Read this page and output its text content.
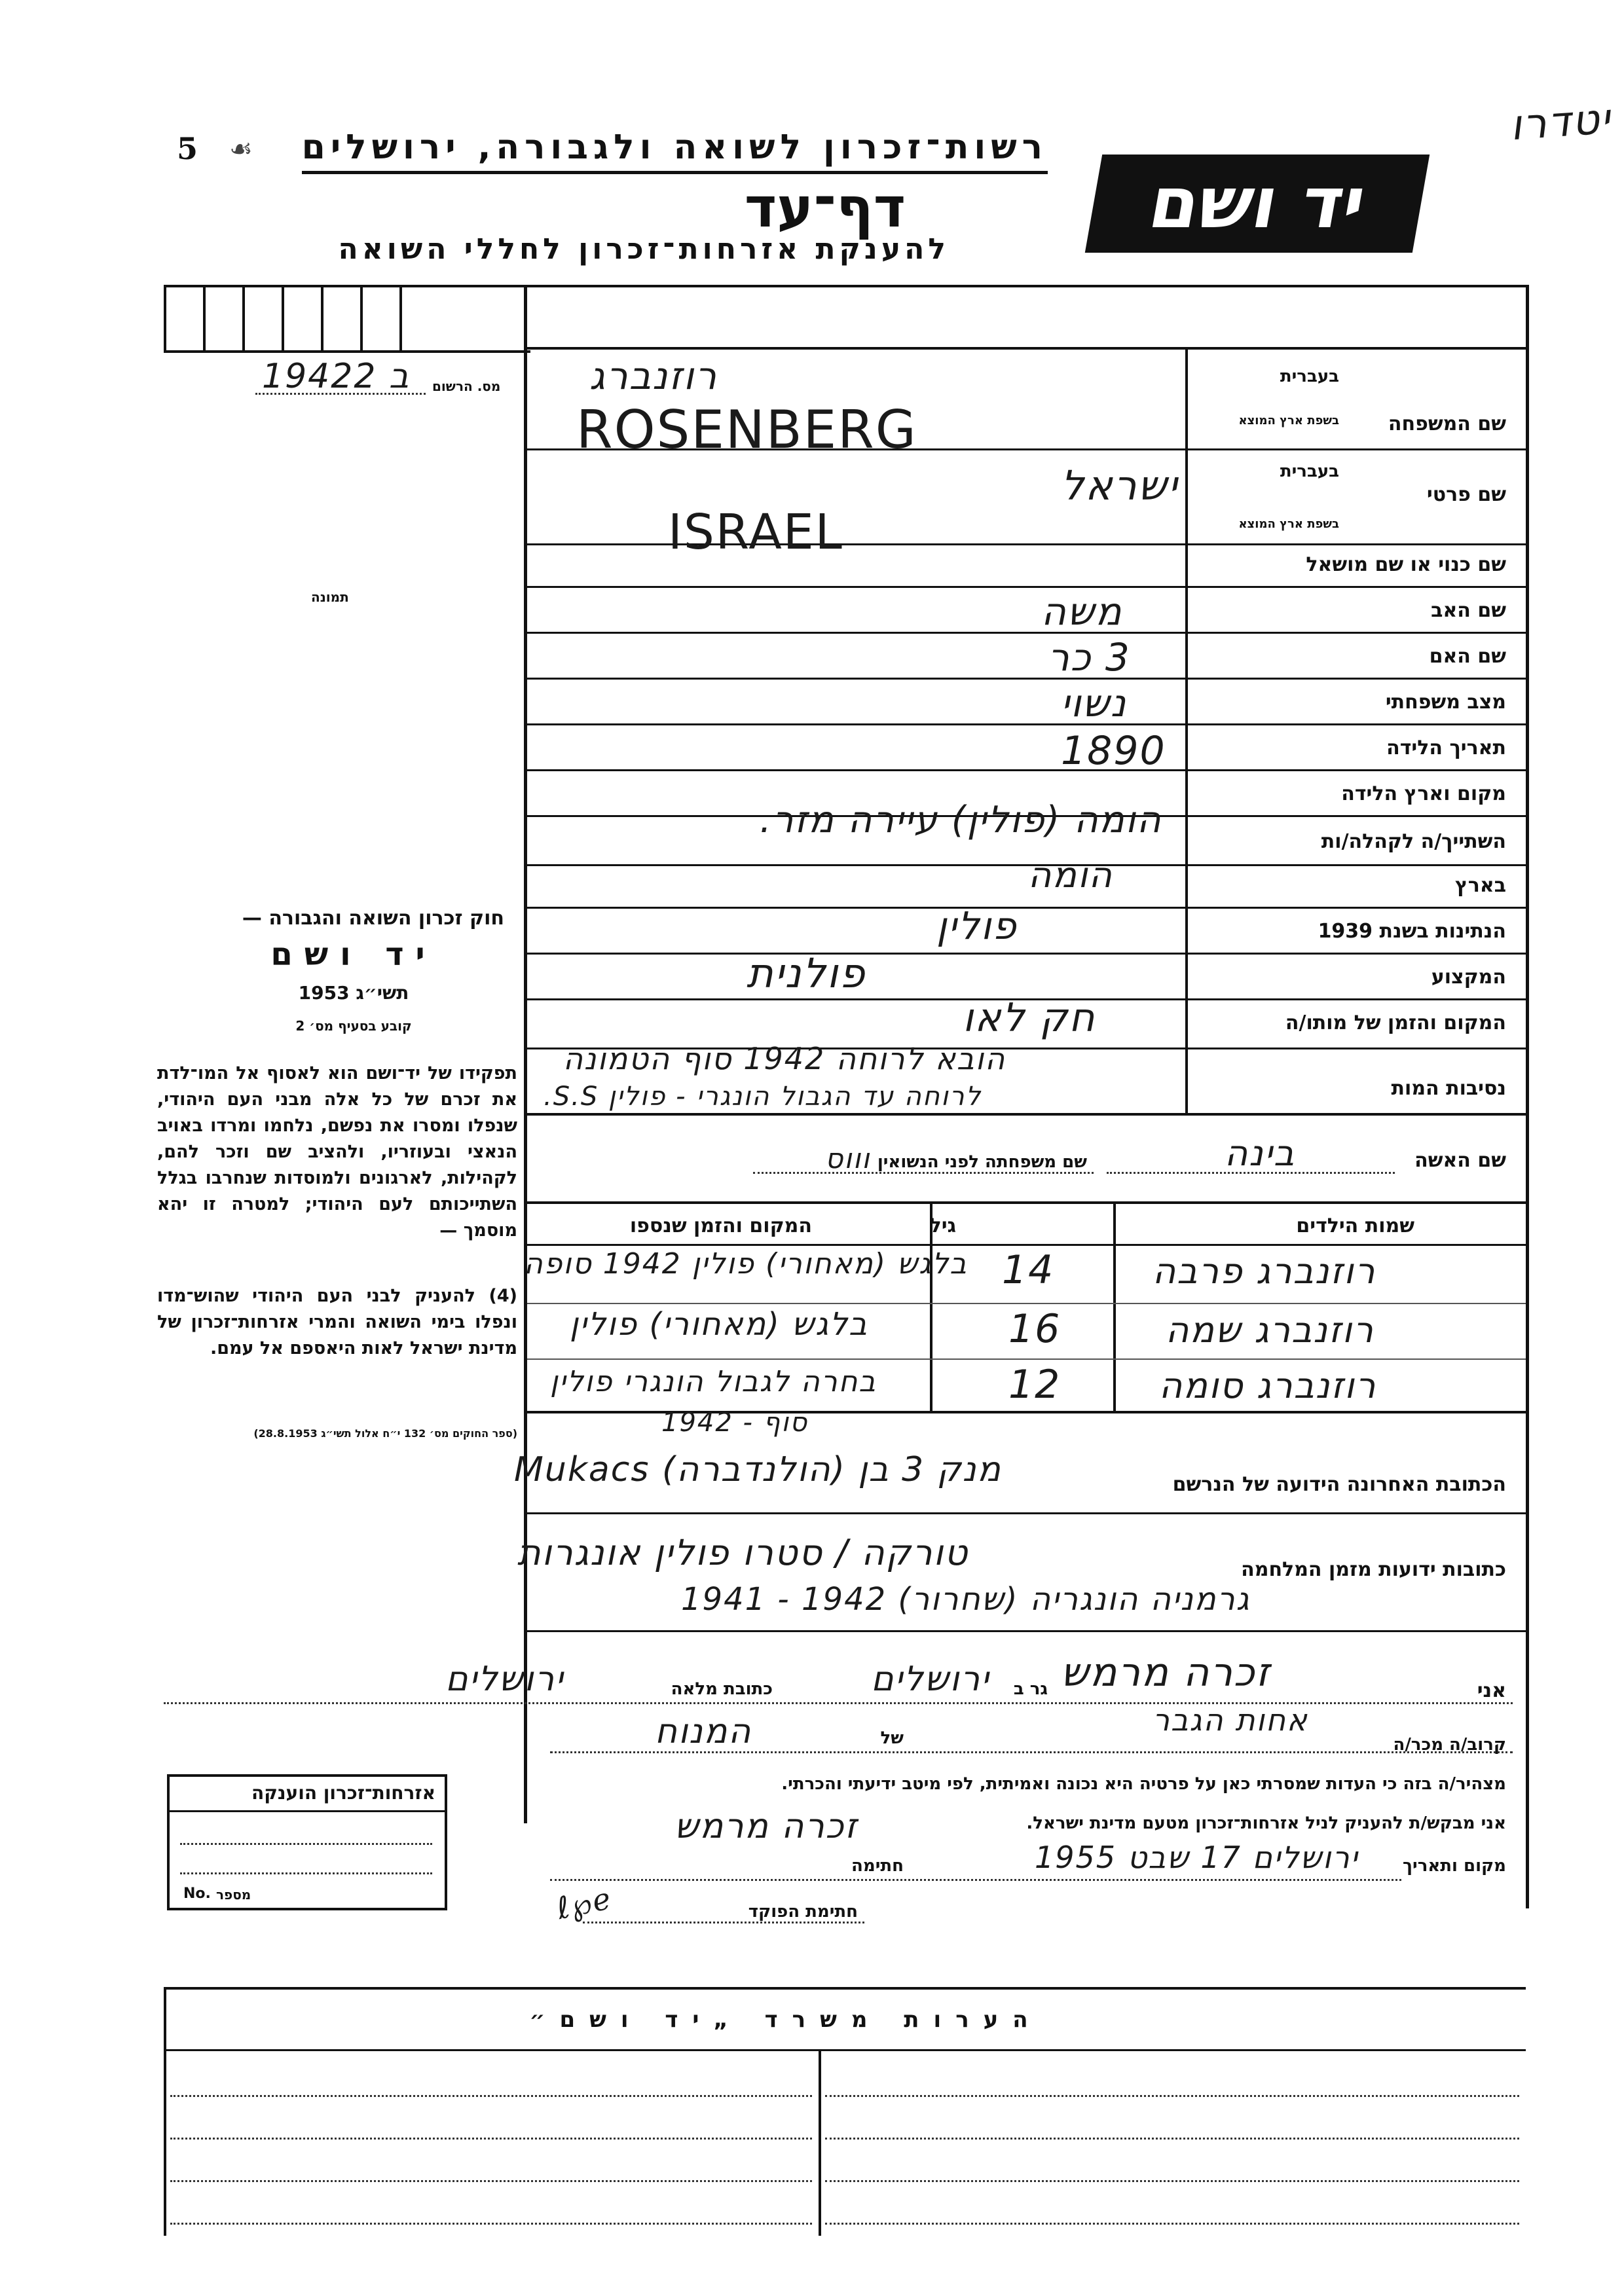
יטדרו
5 ☙ רשות־זכרון לשואה ולגבורה, ירושלים
דף־עד
להענקת אזרחות־זכרון לחללי השואה
יד ושם
מס. הרשום
19422 ב
תמונה
שם המשפחה
בעברית
בשפת ארץ המוצא
רוזנברג
ROSENBERG
שם פרטי
בעברית
בשפת ארץ המוצא
ישראל
ISRAEL
שם כנוי או שם מושאל
שם האב
משה
שם האם
3 כר
מצב משפחתי
נשוי
תאריך הלידה
1890
מקום וארץ הלידה
השתייך/ה לקהלה/ות
הומה (פולין) עיירה מזר.
בארץ
הומה
הנתינות בשנת 1939
פולין
המקצוע
פולנית
המקום והזמן של מותו/ה
חק לאו
נסיבות המות
הובא לרוחה 1942 סוף הטמונה
לרוחה עד הגבול הונגרי - פולין S.S.
שם האשה
בינה
שם משפחתה לפני הנשואין
וווס
שמות הילדים
גיל
המקום והזמן שנספו
רוזנברג פרבה
14
בלגש (מאחורי) פולין 1942 סופה
רוזנברג שמה
16
בלגש (מאחורי) פולין
רוזנברג סומה
12
בחרה לגבול הונגרי פולין
סוף - 1942
הכתובת האחרונה הידועה של הנרשם
מנק 3 בן (הולנדברה) Mukacs
כתובות ידועות מזמן המלחמה
טורקה / סטרו פולין אונגרות
גרמניה הונגריה (שחרור) 1942 - 1941
אני
זכרה מרמש
גר ב
ירושלים
כתובת מלאה
ירושלים
קרוב/ה מכר/ה
אחות הגבר
של
המנוח
מצהיר/ה בזה כי העדות שמסרתי כאן על פרטיה היא נכונה ואמיתית, לפי מיטב ידיעתי והכרתי.
אני מבקש/ת להעניק לניל אזרחות־זכרון מטעם מדינת ישראל.
מקום ותאריך
ירושלים 17 שבט 1955
חתימה
זכרה מרמש
חתימת הפוקד
ℓ℘ℯ
חוק זכרון השואה והגבורה —
יד ושם
תשי״ג 1953
קובע בסעיף מס׳ 2
תפקידו של יד־ושם הוא לאסוף אל המו־לדת את זכרם של כל אלה מבני העם היהודי, שנפלו ומסרו את נפשם, נלחמו ומרדו באויב הנאצי ובעוזריו, ולהציב שם וזכר להם, לקהילות, לארגונים ולמוסדות שנחרבו בגלל השתייכותם לעם היהודי; למטרה זו יהא מוסמך —
(4) להעניק לבני העם היהודי שהוש־מדו ונפלו בימי השואה והמרי אזרחות־זכרון של מדינת ישראל לאות היאספם אל עמם.
(ספר החוקים מס׳ 132 י״ח אלול תשי״ג 28.8.1953)
אזרחות־זכרון הוענקה
No. מספר
הערות משרד „יד ושם״
